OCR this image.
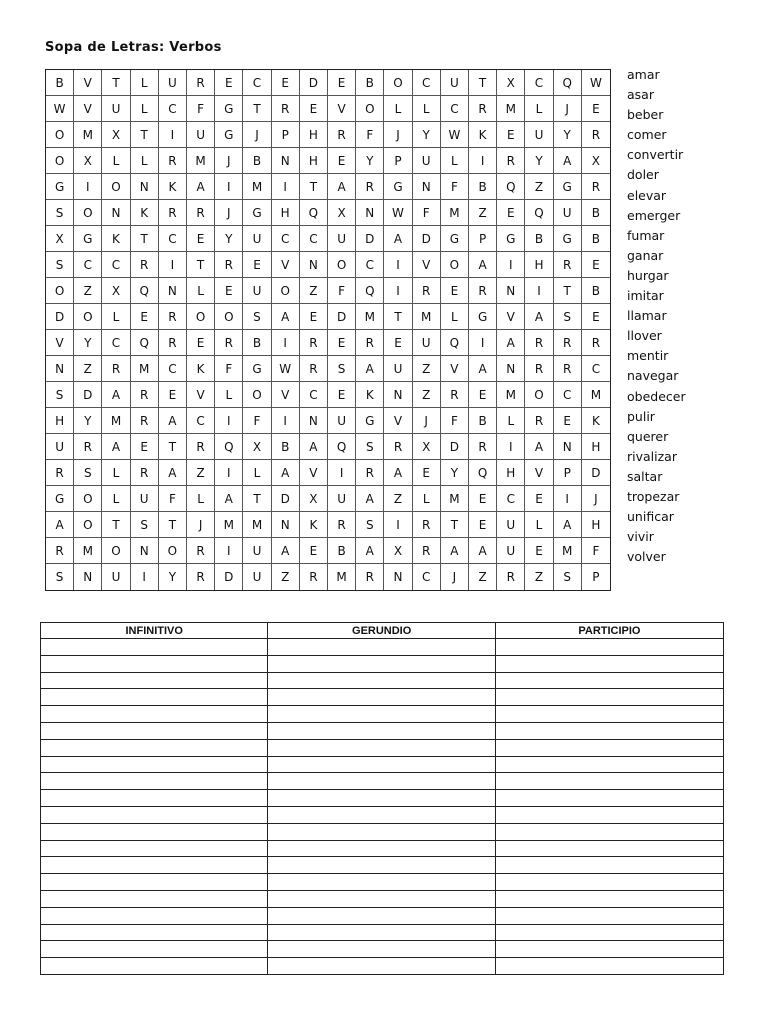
Sopa de Letras: Verbos
B	V	T	L	U	R	E	C	E	D	E	B	O	C	U	T	X	C	Q	W
W	V	U	L	C	F	G	T	R	E	V	O	L	L	C	R	M	L	J	E
O	M	X	T	I	U	G	J	P	H	R	F	J	Y	W	K	E	U	Y	R
O	X	L	L	R	M	J	B	N	H	E	Y	P	U	L	I	R	Y	A	X
G	I	O	N	K	A	I	M	I	T	A	R	G	N	F	B	Q	Z	G	R
S	O	N	K	R	R	J	G	H	Q	X	N	W	F	M	Z	E	Q	U	B
X	G	K	T	C	E	Y	U	C	C	U	D	A	D	G	P	G	B	G	B
S	C	C	R	I	T	R	E	V	N	O	C	I	V	O	A	I	H	R	E
O	Z	X	Q	N	L	E	U	O	Z	F	Q	I	R	E	R	N	I	T	B
D	O	L	E	R	O	O	S	A	E	D	M	T	M	L	G	V	A	S	E
V	Y	C	Q	R	E	R	B	I	R	E	R	E	U	Q	I	A	R	R	R
N	Z	R	M	C	K	F	G	W	R	S	A	U	Z	V	A	N	R	R	C
S	D	A	R	E	V	L	O	V	C	E	K	N	Z	R	E	M	O	C	M
H	Y	M	R	A	C	I	F	I	N	U	G	V	J	F	B	L	R	E	K
U	R	A	E	T	R	Q	X	B	A	Q	S	R	X	D	R	I	A	N	H
R	S	L	R	A	Z	I	L	A	V	I	R	A	E	Y	Q	H	V	P	D
G	O	L	U	F	L	A	T	D	X	U	A	Z	L	M	E	C	E	I	J
A	O	T	S	T	J	M	M	N	K	R	S	I	R	T	E	U	L	A	H
R	M	O	N	O	R	I	U	A	E	B	A	X	R	A	A	U	E	M	F
S	N	U	I	Y	R	D	U	Z	R	M	R	N	C	J	Z	R	Z	S	P
amar
asar
beber
comer
convertir
doler
elevar
emerger
fumar
ganar
hurgar
imitar
llamar
llover
mentir
navegar
obedecer
pulir
querer
rivalizar
saltar
tropezar
unificar
vivir
volver
INFINITIVO	GERUNDIO	PARTICIPIO
